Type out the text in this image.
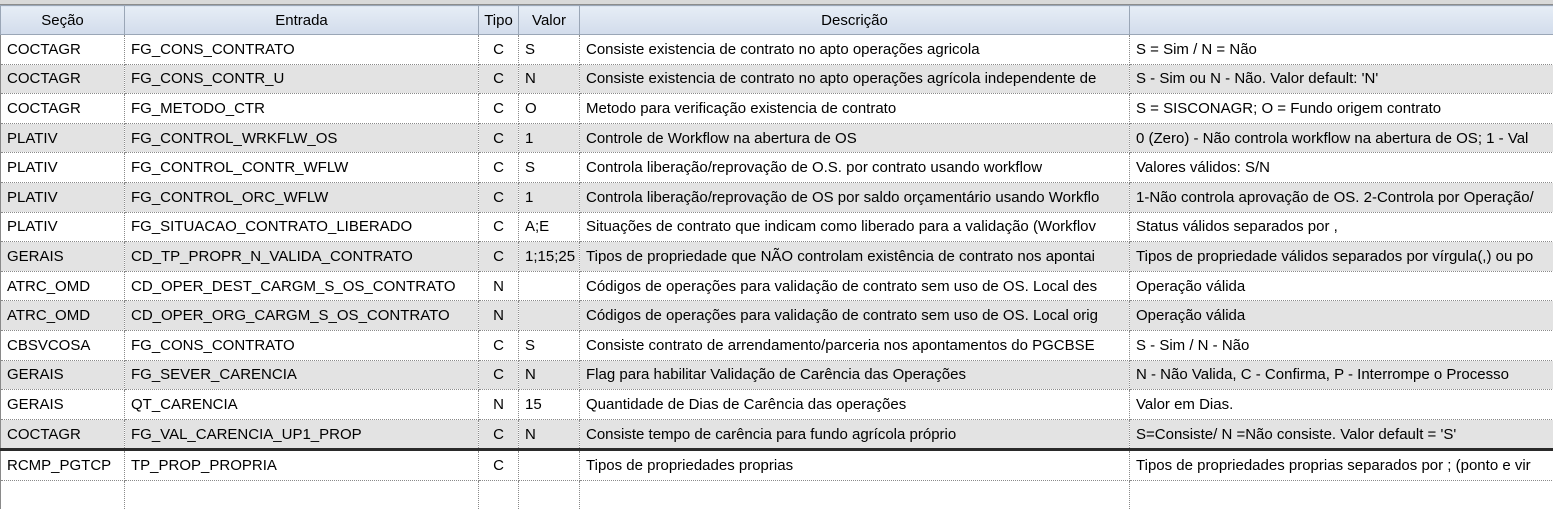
Seção	Entrada	Tipo	Valor	Descrição	
COCTAGR	FG_CONS_CONTRATO	C	S	Consiste existencia de contrato no apto operações agricola	S = Sim / N = Não
COCTAGR	FG_CONS_CONTR_U	C	N	Consiste existencia de contrato no apto operações agrícola independente de	S - Sim ou N - Não. Valor default: 'N'
COCTAGR	FG_METODO_CTR	C	O	Metodo para verificação existencia de contrato	S = SISCONAGR; O = Fundo origem contrato
PLATIV	FG_CONTROL_WRKFLW_OS	C	1	Controle de Workflow na abertura de OS	0 (Zero) - Não controla workflow na abertura de OS; 1 - Val
PLATIV	FG_CONTROL_CONTR_WFLW	C	S	Controla liberação/reprovação de O.S. por contrato usando workflow	Valores válidos: S/N
PLATIV	FG_CONTROL_ORC_WFLW	C	1	Controla liberação/reprovação de OS por saldo orçamentário usando Workflo	1-Não controla aprovação de OS. 2-Controla por Operação/
PLATIV	FG_SITUACAO_CONTRATO_LIBERADO	C	A;E	Situações de contrato que indicam como liberado para a validação (Workflov	Status válidos separados por ,
GERAIS	CD_TP_PROPR_N_VALIDA_CONTRATO	C	1;15;25	Tipos de propriedade que NÃO controlam existência de contrato nos apontai	Tipos de propriedade válidos separados por vírgula(,) ou po
ATRC_OMD	CD_OPER_DEST_CARGM_S_OS_CONTRATO	N		Códigos de operações para validação de contrato sem uso de OS. Local des	Operação válida
ATRC_OMD	CD_OPER_ORG_CARGM_S_OS_CONTRATO	N		Códigos de operações para validação de contrato sem uso de OS. Local orig	Operação válida
CBSVCOSA	FG_CONS_CONTRATO	C	S	Consiste contrato de arrendamento/parceria nos apontamentos do PGCBSE	S - Sim / N - Não
GERAIS	FG_SEVER_CARENCIA	C	N	Flag para habilitar Validação de Carência das Operações	N - Não Valida, C - Confirma, P - Interrompe o Processo
GERAIS	QT_CARENCIA	N	15	Quantidade de Dias de Carência das operações	Valor em Dias.
COCTAGR	FG_VAL_CARENCIA_UP1_PROP	C	N	Consiste tempo de carência para fundo agrícola próprio	S=Consiste/ N =Não consiste. Valor default = 'S'
RCMP_PGTCP	TP_PROP_PROPRIA	C		Tipos de propriedades proprias	Tipos de propriedades proprias separados por ; (ponto e vir
